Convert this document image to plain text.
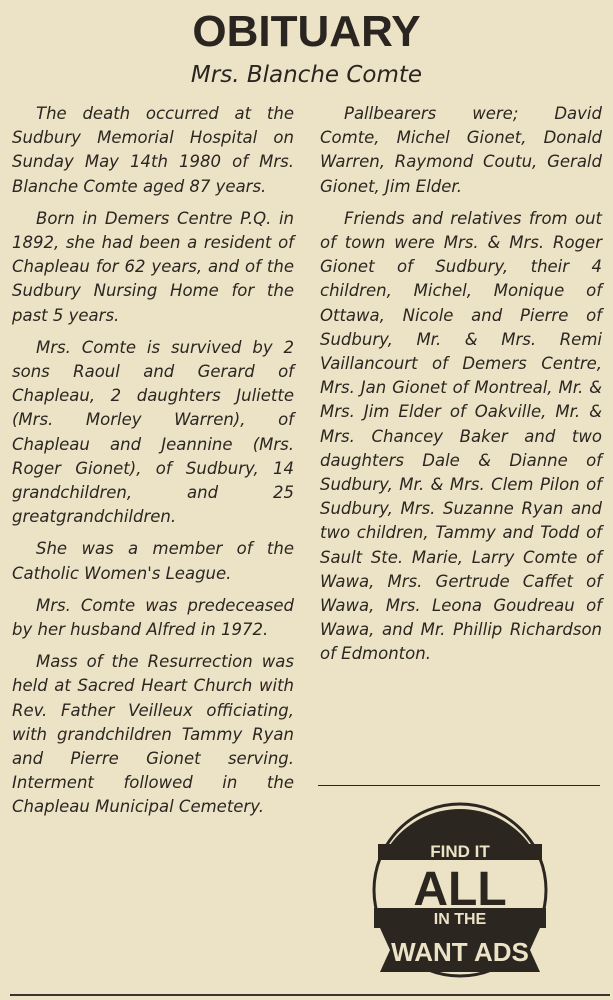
OBITUARY
Mrs. Blanche Comte

The death occurred at the Sudbury Memorial Hospital on Sunday May 14th 1980 of Mrs. Blanche Comte aged 87 years.

Born in Demers Centre P.Q. in 1892, she had been a resident of Chapleau for 62 years, and of the Sudbury Nursing Home for the past 5 years.

Mrs. Comte is survived by 2 sons Raoul and Gerard of Chapleau, 2 daughters Juliette (Mrs. Morley Warren), of Chapleau and Jeannine (Mrs. Roger Gionet), of Sudbury, 14 grandchildren, and 25 greatgrandchildren.

She was a member of the Catholic Women's League.

Mrs. Comte was predeceased by her husband Alfred in 1972.

Mass of the Resurrection was held at Sacred Heart Church with Rev. Father Veilleux officiating, with grandchildren Tammy Ryan and Pierre Gionet serving. Interment followed in the Chapleau Municipal Cemetery.

Pallbearers were; David Comte, Michel Gionet, Donald Warren, Raymond Coutu, Gerald Gionet, Jim Elder.

Friends and relatives from out of town were Mrs. & Mrs. Roger Gionet of Sudbury, their 4 children, Michel, Monique of Ottawa, Nicole and Pierre of Sudbury, Mr. & Mrs. Remi Vaillancourt of Demers Centre, Mrs. Jan Gionet of Montreal, Mr. & Mrs. Jim Elder of Oakville, Mr. & Mrs. Chancey Baker and two daughters Dale & Dianne of Sudbury, Mr. & Mrs. Clem Pilon of Sudbury, Mrs. Suzanne Ryan and two children, Tammy and Todd of Sault Ste. Marie, Larry Comte of Wawa, Mrs. Gertrude Caffet of Wawa, Mrs. Leona Goudreau of Wawa, and Mr. Phillip Richardson of Edmonton.

FIND IT
ALL
IN THE
WANT ADS
